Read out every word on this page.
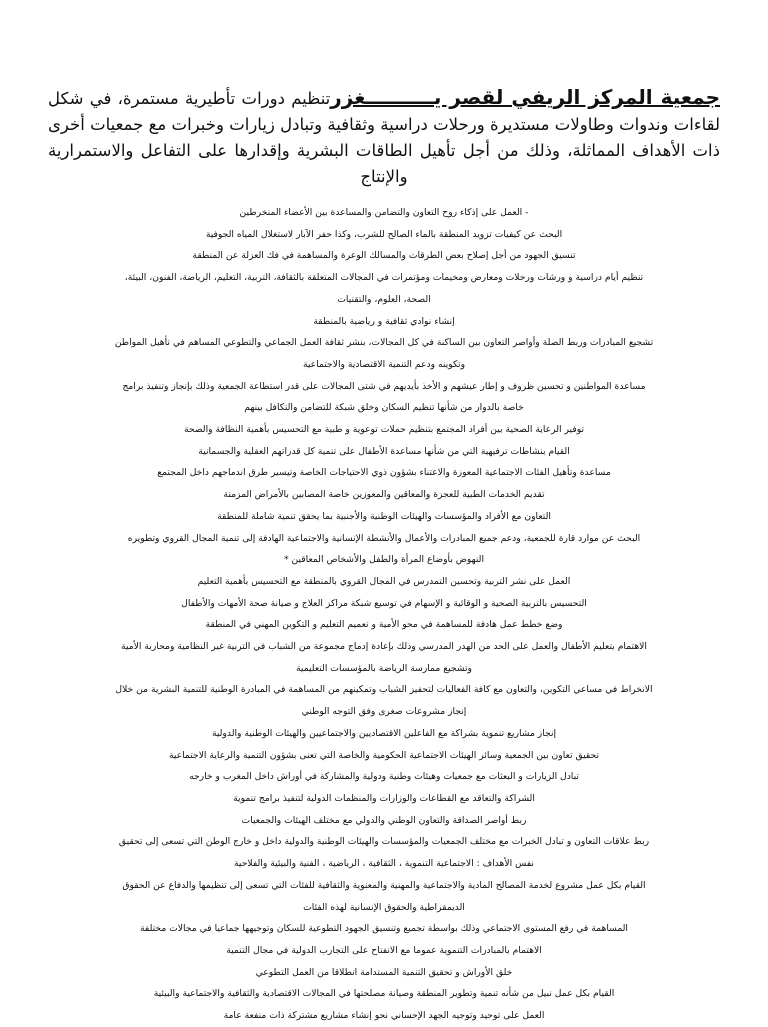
جمعية المركز الريفي لقصر يــــــــــغزرتنظيم دورات تأطيرية مستمرة، في شكل لقاءات وندوات وطاولات مستديرة ورحلات دراسية وثقافية وتبادل زيارات وخبرات مع جمعيات أخرى ذات الأهداف المماثلة، وذلك من أجل تأهيل الطاقات البشرية وإقدارها على التفاعل والاستمرارية والإنتاج

- العمل على إذكاء روح التعاون والتضامن والمساعدة بين الأعضاء المنخرطين
البحث عن كيفيات تزويد المنطقة بالماء الصالح للشرب، وكذا حفر الآبار لاستغلال المياه الجوفية
تنسيق الجهود من أجل إصلاح بعض الطرقات والمسالك الوعرة والمساهمة في فك العزلة عن المنطقة
تنظيم أيام دراسية و ورشات ورحلات ومعارض ومخيمات ومؤتمرات في المجالات المتعلقة بالثقافة، التربية، التعليم، الرياضة، الفنون، البيئة،
الصحة، العلوم، والتقنيات
إنشاء نوادي ثقافية و رياضية بالمنطقة
تشجيع المبادرات وربط الصلة وأواصر التعاون بين الساكنة في كل المجالات، بنشر ثقافة العمل الجماعي والتطوعي المساهم في تأهيل المواطن
وتكوينه ودعم التنمية الاقتصادية والاجتماعية
مساعدة المواطنين و تحسين ظروف و إطار عيشهم و الأخذ بأيديهم في شتى المجالات على قدر استطاعة الجمعية وذلك بإنجاز وتنفيذ برامج
خاصة بالدوار من شأنها تنظيم السكان وخلق شبكة للتضامن والتكافل بينهم
توفير الرعاية الصحية بين أفراد المجتمع بتنظيم حملات توعوية و طبية مع التحسيس بأهمية النظافة والصحة
القيام بنشاطات ترفيهية التي من شأنها مساعدة الأطفال على تنمية كل قدراتهم العقلية والجسمانية
مساعدة وتأهيل الفئات الاجتماعية المعوزة والاعتناء بشؤون ذوي الاحتياجات الخاصة وتيسير طرق اندماجهم داخل المجتمع
تقديم الخدمات الطبية للعجزة والمعاقين والمعوزين خاصة المصابين بالأمراض المزمنة
التعاون مع الأفراد والمؤسسات والهيئات الوطنية والأجنبية بما يحقق تنمية شاملة للمنطقة
البحث عن موارد قارة للجمعية، ودعم جميع المبادرات والأعمال والأنشطة الإنسانية والاجتماعية الهادفة إلى تنمية المجال القروي وتطويره
النهوض بأوضاع المرأة والطفل والأشخاص المعاقين *
العمل على نشر التربية وتحسين التمدرس في المجال القروي بالمنطقة مع التحسيس بأهمية التعليم
التحسيس بالتربية الصحية و الوقائية و الإسهام في توسيع شبكة مراكز العلاج و صيانة صحة الأمهات والأطفال
وضع خطط عمل هادفة للمساهمة في محو الأمية و تعميم التعليم و التكوين المهني في المنطقة
الاهتمام بتعليم الأطفال والعمل على الحد من الهدر المدرسي وذلك بإعادة إدماج مجموعة من الشباب في التربية غير النظامية ومحاربة الأمية
وتشجيع ممارسة الرياضة بالمؤسسات التعليمية
الانخراط في مساعي التكوين، والتعاون مع كافة الفعاليات لتحفيز الشباب وتمكينهم من المساهمة في المبادرة الوطنية للتنمية البشرية من خلال
إنجاز مشروعات صغرى وفق التوجه الوطني
إنجاز مشاريع تنموية بشراكة مع الفاعلين الاقتصاديين والاجتماعيين والهيئات الوطنية والدولية
تحقيق تعاون بين الجمعية وسائر الهيئات الاجتماعية الحكومية والخاصة التي تعنى بشؤون التنمية والرعاية الاجتماعية
تبادل الزيارات و البعثات مع جمعيات وهيئات وطنية ودولية والمشاركة في أوراش داخل المغرب و خارجه
الشراكة والتعاقد مع القطاعات والوزارات والمنظمات الدولية لتنفيذ برامج تنموية
ربط أواصر الصداقة والتعاون الوطني والدولي مع مختلف الهيئات والجمعيات
ربط علاقات التعاون و تبادل الخبرات مع مختلف الجمعيات والمؤسسات والهيئات الوطنية والدولية داخل و خارج الوطن التي تسعى إلى تحقيق
نفس الأهداف : الاجتماعية التنموية ، الثقافية ، الرياضية ، الفنية والبيئية والفلاحية
القيام بكل عمل مشروع لخدمة المصالح المادية والاجتماعية والمهنية والمعنوية والثقافية للفئات التي تسعى إلى تنظيمها والدفاع عن الحقوق
الديمقراطية والحقوق الإنسانية لهذه الفئات
المساهمة في رفع المستوى الاجتماعي وذلك بواسطة تجميع وتنسيق الجهود التطوعية للسكان وتوجيهها جماعيا في مجالات مختلفة
الاهتمام بالمبادرات التنموية عموما مع الانفتاح على التجارب الدولية في مجال التنمية
خلق الأوراش و تحقيق التنمية المستدامة انطلاقا من العمل التطوعي
القيام بكل عمل نبيل من شأنه تنمية وتطوير المنطقة وصيانة مصلحتها في المجالات الاقتصادية والثقافية والاجتماعية والبيئية
العمل على توحيد وتوجيه الجهد الإحساني نحو إنشاء مشاريع مشتركة ذات منفعة عامة
